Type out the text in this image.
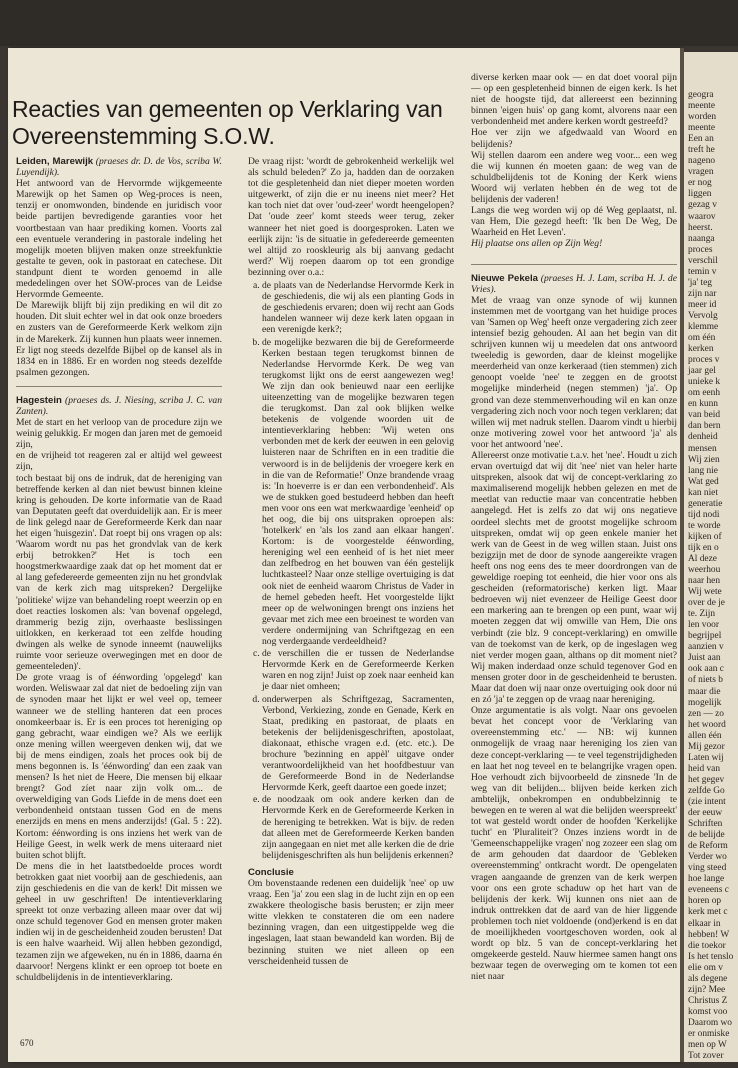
geogra
meente
worden
meente
Een an
treft he
nageno
vragen
er nog
liggen
gezag v
waarov
heerst.
naanga
proces
verschil
temin v
'ja' teg
zijn nar
meer id
Vervolg
klemme
om één
kerken
proces v
jaar gel
unieke k
om eenh
en kunn
van beid
dan bern
denheid
mensen
Wij zien
lang nie
Wat ged
kan niet
generatie
tijd nodi
te worde
kijken of
tijk en o
Al deze
weerhou
naar hen
Wij wete
over de je
te. Zijn
len voor
begrijpel
aanzien v
Juist aan
ook aan c
of niets b
maar die
mogelijk
zen — zo
het woord
allen één
Mij gezor
Laten wij
heid van
het gegev
zelfde Go
(zie intent
der eeuw
Schriften
de belijde
de Reform
Verder wo
ving steed
hoe lange
eveneens c
horen op
kerk met c
elkaar in
hebben! W
die toekor
Is het tenslo
elie om v
als degene
zijn? Mee
Christus Z
komst voo
Daarom wo
er onmiske
men op W
Tot zover
Reacties van gemeenten op Verklaring van Overeenstemming S.O.W.

Leiden, Marewijk (praeses dr. D. de Vos, scriba W. Luyendijk).

Het antwoord van de Hervormde wijkgemeente Marewijk op het Samen op Weg-proces is neen, tenzij er onomwonden, bindende en juridisch voor beide partijen bevredigende garanties voor het voortbestaan van haar prediking komen. Voorts zal een eventuele verandering in pastorale indeling het mogelijk moeten blijven maken onze streekfunktie gestalte te geven, ook in pastoraat en catechese. Dit standpunt dient te worden genoemd in alle mededelingen over het SOW-proces van de Leidse Hervormde Gemeente.

De Marewijk blijft bij zijn prediking en wil dit zo houden. Dit sluit echter wel in dat ook onze broeders en zusters van de Gereformeerde Kerk welkom zijn in de Marekerk. Zij kunnen hun plaats weer innemen. Er ligt nog steeds dezelfde Bijbel op de kansel als in 1834 en in 1886. Er en worden nog steeds dezelfde psalmen gezongen.

Hagestein (praeses ds. J. Niesing, scriba J. C. van Zanten).

Met de start en het verloop van de procedure zijn we weinig gelukkig. Er mogen dan jaren met de gemoeid zijn,

en de vrijheid tot reageren zal er altijd wel geweest zijn,

toch bestaat bij ons de indruk, dat de hereniging van betreffende kerken al dan niet bewust binnen kleine kring is gehouden. De korte informatie van de Raad van Deputaten geeft dat overduidelijk aan. Er is meer de link gelegd naar de Gereformeerde Kerk dan naar het eigen 'huisgezin'. Dat roept bij ons vragen op als: 'Waarom wordt nu pas het grondvlak van de kerk erbij betrokken?' Het is toch een hoogstmerkwaardige zaak dat op het moment dat er al lang gefedereerde gemeenten zijn nu het grondvlak van de kerk zich mag uitspreken? Dergelijke 'politieke' wijze van behandeling roept weerzin op en doet reacties loskomen als: 'van bovenaf opgelegd, drammerig bezig zijn, overhaaste beslissingen uitlokken, en kerkeraad tot een zelfde houding dwingen als welke de synode inneemt (nauwelijks ruimte voor serieuze overwegingen met en door de gemeenteleden)'.

De grote vraag is of éénwording 'opgelegd' kan worden. Weliswaar zal dat niet de bedoeling zijn van de synoden maar het lijkt er wel veel op, temeer wanneer we de stelling hanteren dat een proces onomkeerbaar is. Er is een proces tot hereniging op gang gebracht, waar eindigen we? Als we eerlijk onze mening willen weergeven denken wij, dat we bij de mens eindigen, zoals het proces ook bij de mens begonnen is. Is 'éénwording' dan een zaak van mensen? Is het niet de Heere, Die mensen bij elkaar brengt? God zíet naar zijn volk om... de overweldiging van Gods Liefde in de mens doet een verbondenheid ontstaan tussen God en de mens enerzijds en mens en mens anderzijds! (Gal. 5 : 22). Kortom: éénwording is ons inziens het werk van de Heilige Geest, in welk werk de mens uiteraard niet buiten schot blijft.

De mens die in het laatstbedoelde proces wordt betrokken gaat niet voorbij aan de geschiedenis, aan zijn geschiedenis en die van de kerk! Dit missen we geheel in uw geschriften! De intentieverklaring spreekt tot onze verbazing alleen maar over dat wij onze schuld tegenover God en mensen groter maken indien wij in de gescheidenheid zouden berusten! Dat is een halve waarheid. Wij allen hebben gezondigd, tezamen zijn we afgeweken, nu én in 1886, daarna én daarvoor! Nergens klinkt er een oproep tot boete en schuldbelijdenis in de intentieverklaring.

De vraag rijst: 'wordt de gebrokenheid werkelijk wel als schuld beleden?' Zo ja, hadden dan de oorzaken tot die gespletenheid dan niet dieper moeten worden uitgewerkt, of zijn die er nu ineens niet meer? Het kan toch niet dat over 'oud-zeer' wordt heengelopen? Dat 'oude zeer' komt steeds weer terug, zeker wanneer het niet goed is doorgesproken. Laten we eerlijk zijn: 'is de situatie in gefedereerde gemeenten wel altijd zo rooskleurig als bij aanvang gedacht werd?' Wij roepen daarom op tot een grondige bezinning over o.a.:

a. de plaats van de Nederlandse Hervormde Kerk in de geschiedenis, die wij als een planting Gods in de geschiedenis ervaren; doen wij recht aan Gods handelen wanneer wij deze kerk laten opgaan in een verenigde kerk?;
b. de mogelijke bezwaren die bij de Gereformeerde Kerken bestaan tegen terugkomst binnen de Nederlandse Hervormde Kerk. De weg van terugkomst lijkt ons de eerst aangewezen weg! We zijn dan ook benieuwd naar een eerlijke uiteenzetting van de mogelijke bezwaren tegen die terugkomst. Dan zal ook blijken welke betekenis de volgende woorden uit de intentieverklaring hebben: 'Wij weten ons verbonden met de kerk der eeuwen in een gelovig luisteren naar de Schriften en in een traditie die verwoord is in de belijdenis der vroegere kerk en in die van de Reformatie!' Onze brandende vraag is: 'In hoeverre is er dan een verbondenheid'. Als we de stukken goed bestudeerd hebben dan heeft men voor ons een wat merkwaardige 'eenheid' op het oog, die bij ons uitspraken oproepen als: 'hotelkerk' en 'als los zand aan elkaar hangen'. Kortom: is de voorgestelde éénwording, hereniging wel een eenheid of is het niet meer dan zelfbedrog en het bouwen van één gestelijk luchtkasteel? Naar onze stellige overtuiging is dat ook niet de eenheid waarom Christus de Vader in de hemel gebeden heeft. Het voorgestelde lijkt meer op de welwoningen brengt ons inziens het gevaar met zich mee een broeinest te worden van verdere ondermijning van Schriftgezag en een nog verdergaande verdeeldheid?
c. de verschillen die er tussen de Nederlandse Hervormde Kerk en de Gereformeerde Kerken waren en nog zijn! Juist op zoek naar eenheid kan je daar niet omheen;
d. onderwerpen als Schriftgezag, Sacramenten, Verbond, Verkiezing, zonde en Genade, Kerk en Staat, prediking en pastoraat, de plaats en betekenis der belijdenisgeschriften, apostolaat, diakonaat, ethische vragen e.d. (etc. etc.). De brochure 'bezinning en appèl' uitgave onder verantwoordelijkheid van het hoofdbestuur van de Gereformeerde Bond in de Nederlandse Hervormde Kerk, geeft daartoe een goede inzet;
e. de noodzaak om ook andere kerken dan de Hervormde Kerk en de Gereformeerde Kerken in de hereniging te betrekken. Wat is bijv. de reden dat alleen met de Gereformeerde Kerken banden zijn aangegaan en niet met alle kerken die de drie belijdenisgeschriften als hun belijdenis erkennen?

Conclusie

Om bovenstaande redenen een duidelijk 'nee' op uw vraag. Een 'ja' zou een slag in de lucht zijn en op een zwakkere theologische basis berusten; er zijn meer witte vlekken te constateren die om een nadere bezinning vragen, dan een uitgestippelde weg die ingeslagen, laat staan bewandeld kan worden. Bij de bezinning stuiten we niet alleen op een verscheidenheid tussen de

diverse kerken maar ook — en dat doet vooral pijn — op een gespletenheid binnen de eigen kerk. Is het niet de hoogste tijd, dat allereerst een bezinning binnen 'eigen huis' op gang komt, alvorens naar een verbondenheid met andere kerken wordt gestreefd?

Hoe ver zijn we afgedwaald van Woord en belijdenis?

Wij stellen daarom een andere weg voor... een weg die wij kunnen én moeten gaan: de weg van de schuldbelijdenis tot de Koning der Kerk wiens Woord wij verlaten hebben én de weg tot de belijdenis der vaderen!

Langs die weg worden wij op dé Weg geplaatst, nl. van Hem, Die gezegd heeft: 'Ik ben De Weg, De Waarheid en Het Leven'.

Hij plaatse ons allen op Zijn Weg!

Nieuwe Pekela (praeses H. J. Lam, scriba H. J. de Vries).

Met de vraag van onze synode of wij kunnen instemmen met de voortgang van het huidige proces van 'Samen op Weg' heeft onze vergadering zich zeer intensief bezig gehouden. Al aan het begin van dit schrijven kunnen wij u meedelen dat ons antwoord tweeledig is geworden, daar de kleinst mogelijke meerderheid van onze kerkeraad (tien stemmen) zich genoopt voelde 'nee' te zeggen en de grootst mogelijke minderheid (negen stemmen) 'ja'. Op grond van deze stemmenverhouding wil en kan onze vergadering zich noch voor noch tegen verklaren; dat willen wij met nadruk stellen. Daarom vindt u hierbij onze motivering zowel voor het antwoord 'ja' als voor het antwoord 'nee'.

Allereerst onze motivatie t.a.v. het 'nee'. Houdt u zich ervan overtuigd dat wij dit 'nee' niet van heler harte uitspreken, alsook dat wij de concept-verklaring zo maximaliserend mogelijk hebben gelezen en met de meetlat van reductie maar van concentratie hebben aangelegd. Het is zelfs zo dat wij ons negatieve oordeel slechts met de grootst mogelijke schroom uitspreken, omdat wij op geen enkele manier het werk van de Geest in de weg willen staan. Juist ons bezigzijn met de door de synode aangereikte vragen heeft ons nog eens des te meer doordrongen van de geweldige roeping tot eenheid, die hier voor ons als gescheiden (reformatorische) kerken ligt. Maar bedroeven wij niet evenzeer de Heilige Geest door een markering aan te brengen op een punt, waar wij moeten zeggen dat wij omwille van Hem, Die ons verbindt (zie blz. 9 concept-verklaring) en omwille van de toekomst van de kerk, op de ingeslagen weg niet verder mogen gaan, althans op dit moment niet? Wij maken inderdaad onze schuld tegenover God en mensen groter door in de gescheidenheid te berusten. Maar dat doen wij naar onze overtuiging ook door nú en zó 'ja' te zeggen op de vraag naar hereniging.

Onze argumentatie is als volgt. Naar ons gevoelen bevat het concept voor de 'Verklaring van overeenstemming etc.' — NB: wij kunnen onmogelijk de vraag naar hereniging los zien van deze concept-verklaring — te veel tegenstrijdigheden en laat het nog teveel en te belangrijke vragen open. Hoe verhoudt zich bijvoorbeeld de zinsnede 'In de weg van dit belijden... blijven beide kerken zich ambtelijk, onbekrompen en ondubbelzinnig te bewegen en te weren al wat die belijden weerspreekt' tot wat gesteld wordt onder de hoofden 'Kerkelijke tucht' en 'Pluraliteit'? Onzes inziens wordt in de 'Gemeenschappelijke vragen' nog zozeer een slag om de arm gehouden dat daardoor de 'Gebleken overeenstemming' ontkracht wordt. De opengelaten vragen aangaande de grenzen van de kerk werpen voor ons een grote schaduw op het hart van de belijdenis der kerk. Wij kunnen ons niet aan de indruk onttrekken dat de aard van de hier liggende problemen toch niet voldoende (ond)erkend is en dat de moeilijkheden voortgeschoven worden, ook al wordt op blz. 5 van de concept-verklaring het omgekeerde gesteld. Nauw hiermee samen hangt ons bezwaar tegen de overweging om te komen tot een niet naar

670
